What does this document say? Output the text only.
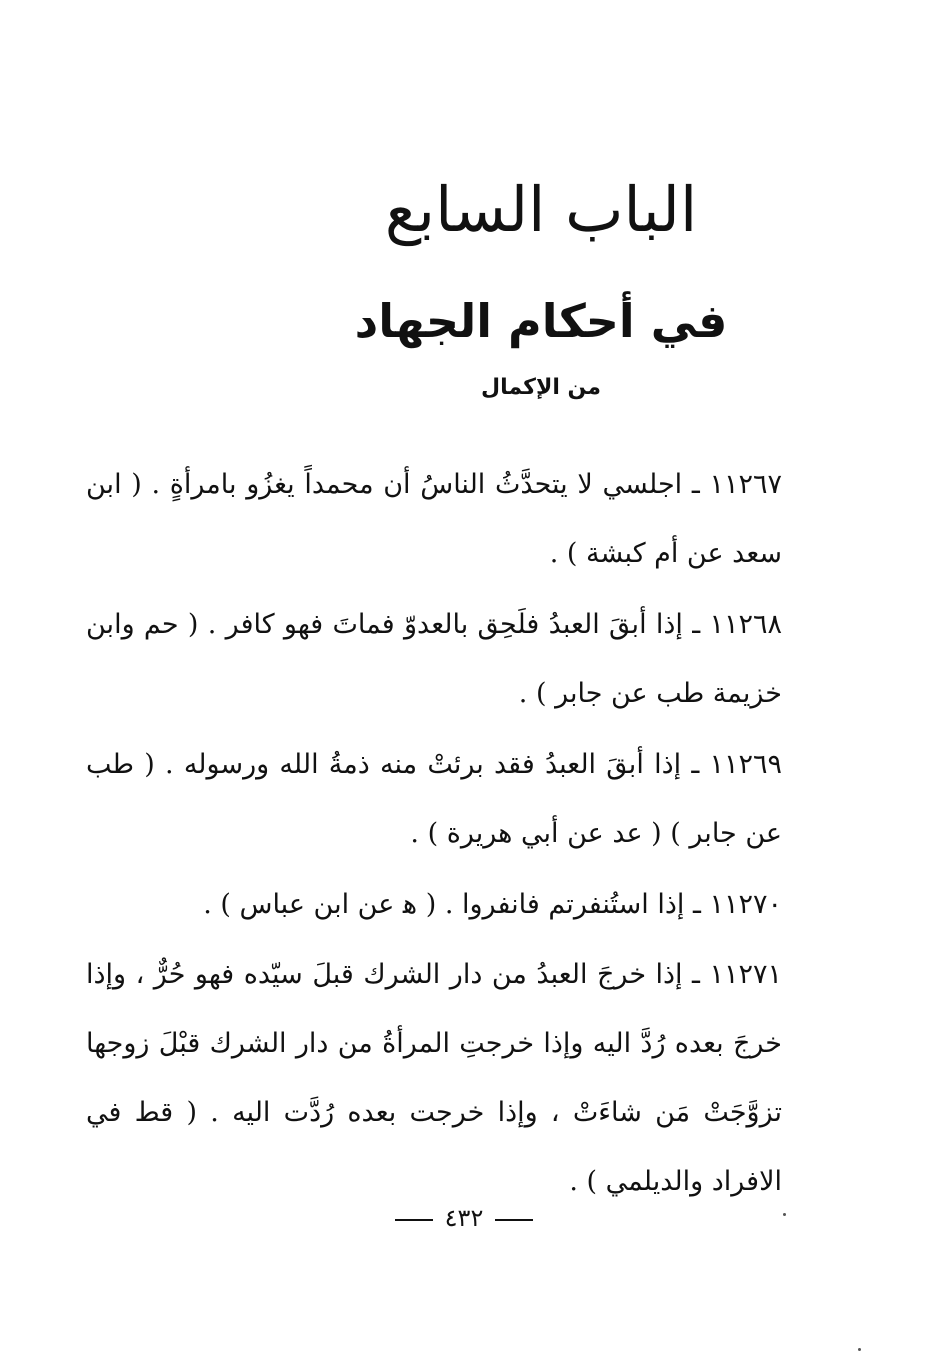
الباب السابع
في أحكام الجهاد
من الإكمال

١١٢٦٧ ـ اجلسي لا يتحدَّثُ الناسُ أن محمداً يغزُو بامرأةٍ . ( ابن سعد عن أم كبشة ) .

١١٢٦٨ ـ إذا أبقَ العبدُ فلَحِق بالعدوّ فماتَ فهو كافر . ( حم وابن خزيمة طب عن جابر ) .

١١٢٦٩ ـ إذا أبقَ العبدُ فقد برئتْ منه ذمةُ الله ورسوله . ( طب عن جابر ) ( عد عن أبي هريرة ) .

١١٢٧٠ ـ إذا استُنفرتم فانفروا . ( ﻫ عن ابن عباس ) .

١١٢٧١ ـ إذا خرجَ العبدُ من دار الشرك قبلَ سيّده فهو حُرٌّ ، وإذا خرجَ بعده رُدَّ اليه وإذا خرجتِ المرأةُ من دار الشرك قبْلَ زوجها تزوَّجَتْ مَن شاءَتْ ، وإذا خرجت بعده رُدَّت اليه . ( قط في الافراد والديلمي ) .

٤٣٢
